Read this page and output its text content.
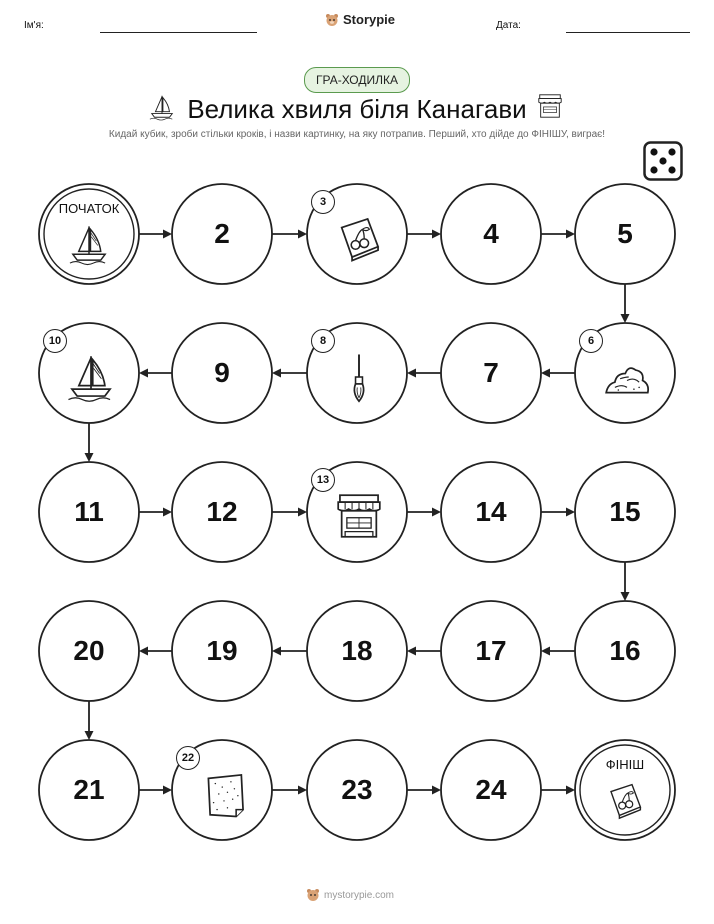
Ім'я:	Storypie	Дата:
ГРА-ХОДИЛКА
Велика хвиля біля Канагави
Кидай кубик, зроби стільки кроків, і назви картинку, на яку потрапив. Перший, хто дійде до ФІНІШУ, виграє!
ПОЧАТОК
2
3
4	5
6
7
8
9
10
11	12
13
14	15
16
17
18
19
20
21
22
23	24
ФІНІШ
mystorypie.com
